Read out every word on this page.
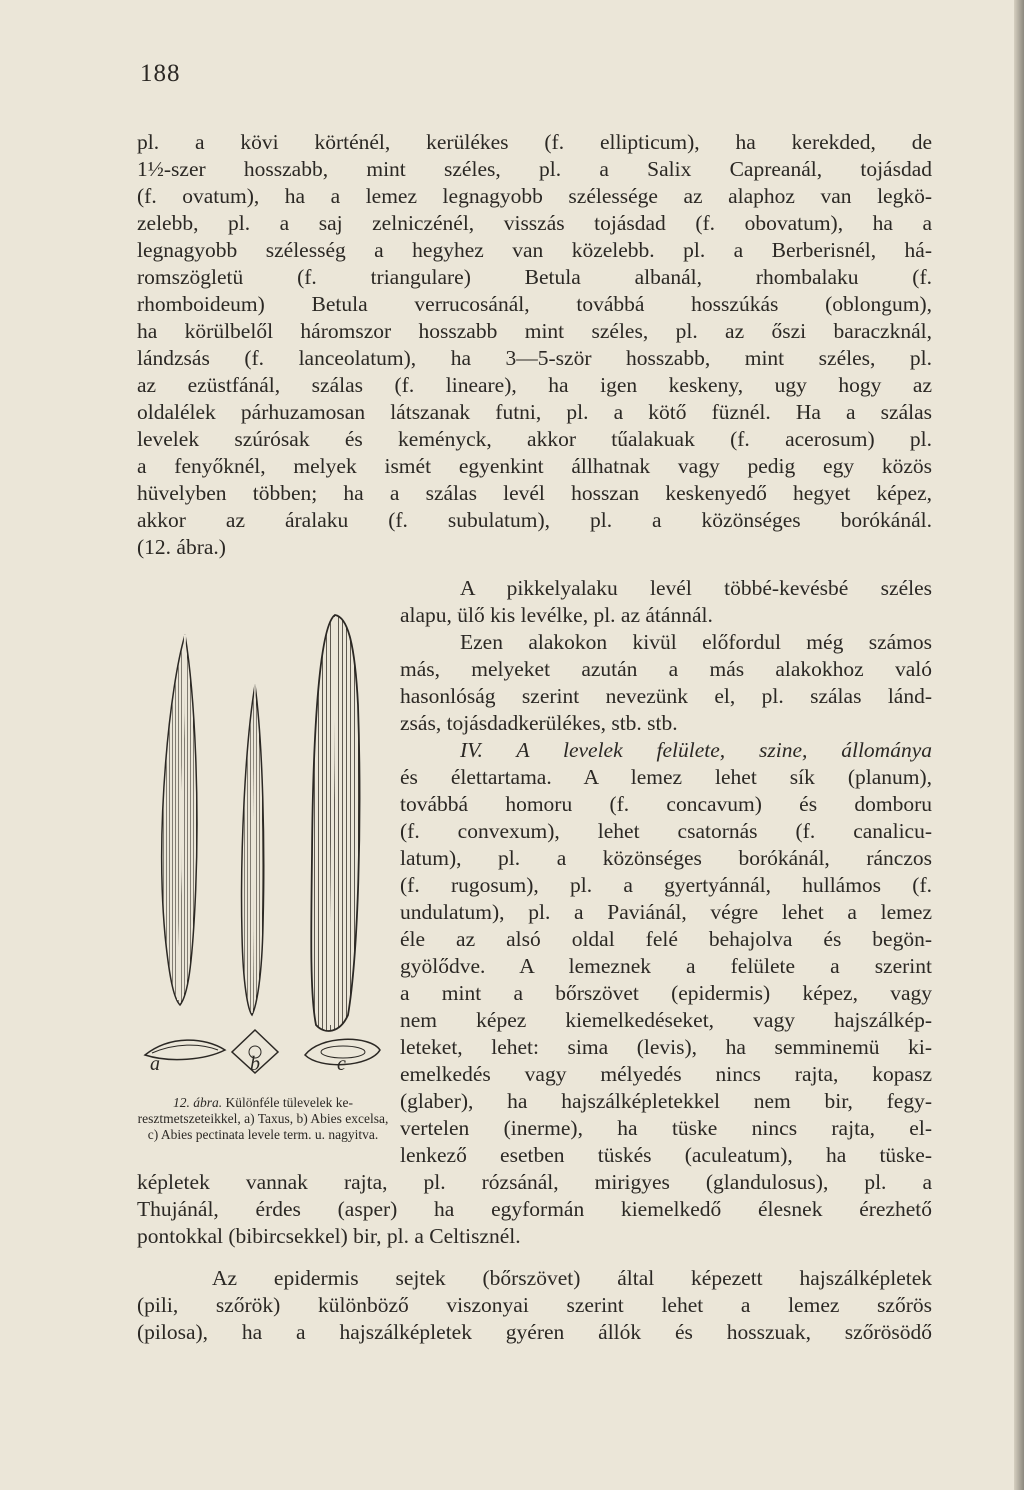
188
pl. a kövi körténél, kerülékes (f. ellipticum), ha kerekded, de
1½-szer hosszabb, mint széles, pl. a Salix Capreanál, tojásdad
(f. ovatum), ha a lemez legnagyobb szélessége az alaphoz van legkö-
zelebb, pl. a saj zelniczénél, visszás tojásdad (f. obovatum), ha a
legnagyobb szélesség a hegyhez van közelebb. pl. a Berberisnél, há-
romszögletü (f. triangulare) Betula albanál, rhombalaku (f.
rhomboideum) Betula verrucosánál, továbbá hosszúkás (oblongum),
ha körülbelől háromszor hosszabb mint széles, pl. az őszi baraczknál,
lándzsás (f. lanceolatum), ha 3—5-ször hosszabb, mint széles, pl.
az ezüstfánál, szálas (f. lineare), ha igen keskeny, ugy hogy az
oldalélek párhuzamosan látszanak futni, pl. a kötő füznél. Ha a szálas
levelek szúrósak és keményck, akkor tűalakuak (f. acerosum) pl.
a fenyőknél, melyek ismét egyenkint állhatnak vagy pedig egy közös
hüvelyben többen; ha a szálas levél hosszan keskenyedő hegyet képez,
akkor az áralaku (f. subulatum), pl. a közönséges borókánál.
(12. ábra.)
a	b	c
12. ábra. Különféle tülevelek ke-resztmetszeteikkel, a) Taxus, b) Abies excelsa, c) Abies pectinata levele term. u. nagyitva.
A pikkelyalaku levél többé-kevésbé széles
alapu, ülő kis levélke, pl. az átánnál.
Ezen alakokon kivül előfordul még számos
más, melyeket azután a más alakokhoz való
hasonlóság szerint nevezünk el, pl. szálas lánd-
zsás, tojásdadkerülékes, stb. stb.
IV. A levelek felülete, szine, állománya
és élettartama. A lemez lehet sík (planum),
továbbá homoru (f. concavum) és domboru
(f. convexum), lehet csatornás (f. canalicu-
latum), pl. a közönséges borókánál, ránczos
(f. rugosum), pl. a gyertyánnál, hullámos (f.
undulatum), pl. a Paviánál, végre lehet a lemez
éle az alsó oldal felé behajolva és begön-
gyölődve. A lemeznek a felülete a szerint
a mint a bőrszövet (epidermis) képez, vagy
nem képez kiemelkedéseket, vagy hajszálkép-
leteket, lehet: sima (levis), ha semminemü ki-
emelkedés vagy mélyedés nincs rajta, kopasz
(glaber), ha hajszálképletekkel nem bir, fegy-
vertelen (inerme), ha tüske nincs rajta, el-
lenkező esetben tüskés (aculeatum), ha tüske-
képletek vannak rajta, pl. rózsánál, mirigyes (glandulosus), pl. a
Thujánál, érdes (asper) ha egyformán kiemelkedő élesnek érezhető
pontokkal (bibircsekkel) bir, pl. a Celtisznél.
Az epidermis sejtek (bőrszövet) által képezett hajszálképletek
(pili, szőrök) különböző viszonyai szerint lehet a lemez szőrös
(pilosa), ha a hajszálképletek gyéren állók és hosszuak, szőrösödő
